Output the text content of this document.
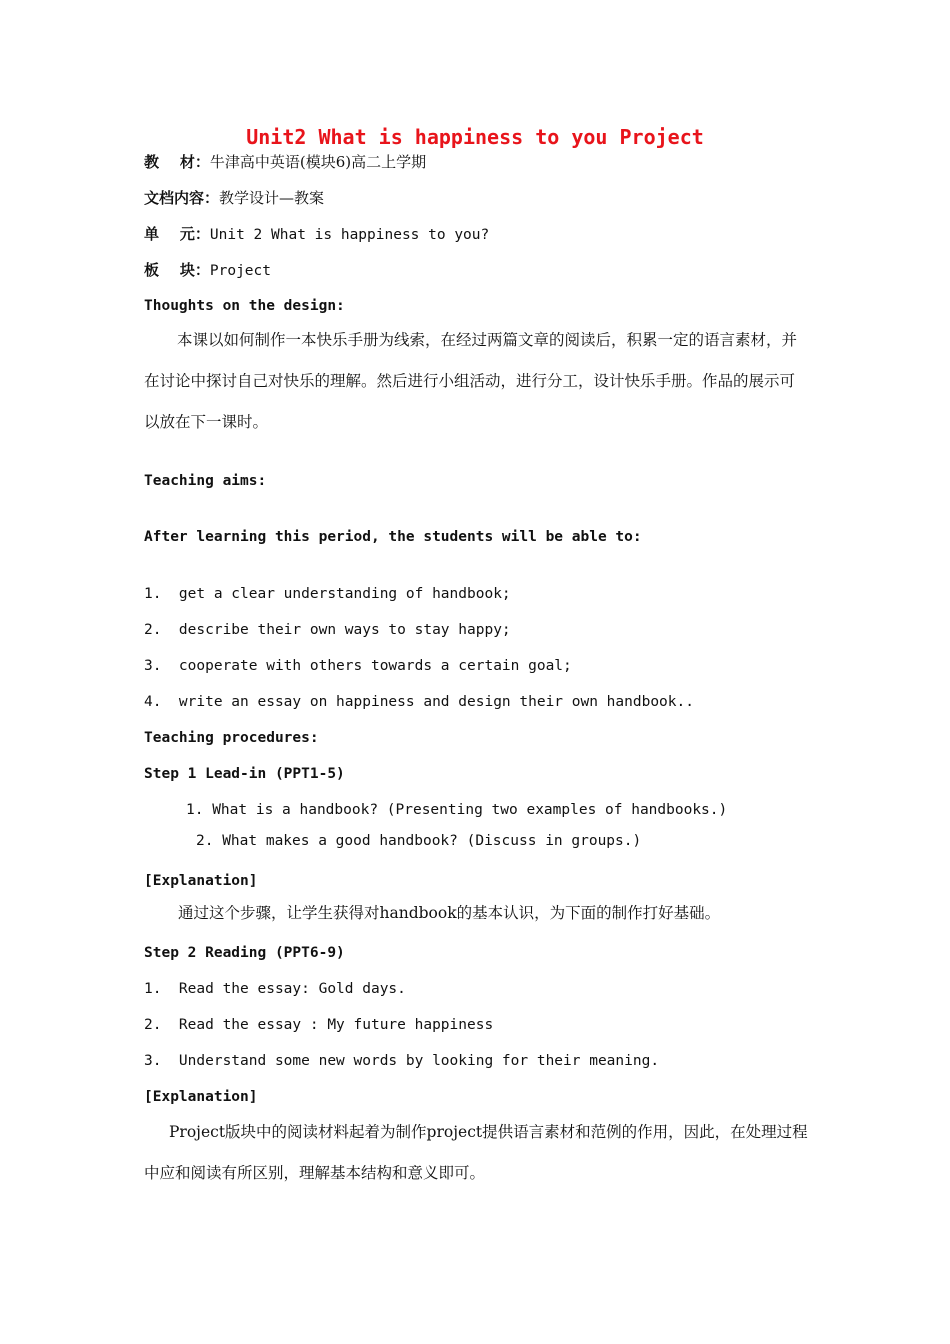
Unit2 What is happiness to you Project
教    材：牛津高中英语(模块6)高二上学期
文档内容：教学设计—教案
单    元：Unit 2 What is happiness to you?
板    块：Project
Thoughts on the design:
本课以如何制作一本快乐手册为线索，在经过两篇文章的阅读后，积累一定的语言素材，并在讨论中探讨自己对快乐的理解。然后进行小组活动，进行分工，设计快乐手册。作品的展示可以放在下一课时。
Teaching aims:
After learning this period, the students will be able to:
1.  get a clear understanding of handbook;
2.  describe their own ways to stay happy;
3.  cooperate with others towards a certain goal;
4.  write an essay on happiness and design their own handbook..
Teaching procedures:
Step 1 Lead-in (PPT1-5)
1. What is a handbook? (Presenting two examples of handbooks.)
2. What makes a good handbook? (Discuss in groups.)
[Explanation]
通过这个步骤，让学生获得对handbook的基本认识，为下面的制作打好基础。
Step 2 Reading (PPT6-9)
1.  Read the essay: Gold days.
2.  Read the essay : My future happiness
3.  Understand some new words by looking for their meaning.
[Explanation]
Project版块中的阅读材料起着为制作project提供语言素材和范例的作用，因此，在处理过程中应和阅读有所区别，理解基本结构和意义即可。
